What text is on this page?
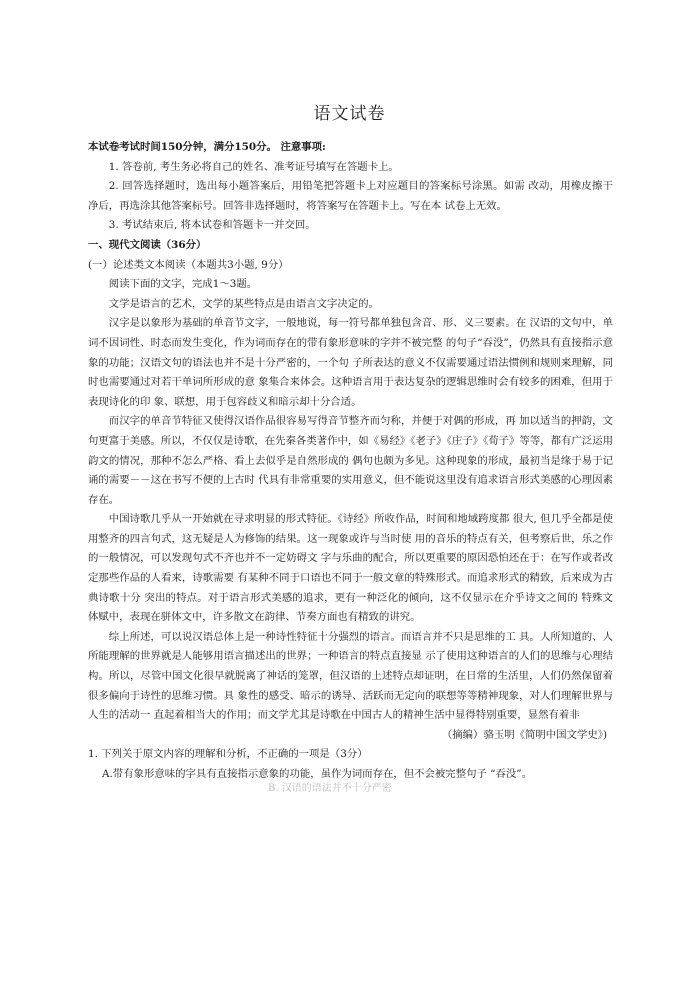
语文试卷

本试卷考试时间150分钟，满分150分。 注意事项:

1. 答卷前, 考生务必将自己的姓名、准考证号填写在答题卡上。

2. 回答选择题时，选出每小题答案后，用铅笔把答题卡上对应题目的答案标号涂黑。如需 改动，用橡皮擦干净后，再选涂其他答案标号。回答非选择题时，将答案写在答题卡上。写在本 试卷上无效。

3. 考试结束后, 将本试卷和答题卡一并交回。

一、现代文阅读（36分）

(一）论述类文本阅读（本题共3小题, 9分）

阅读下面的文字，完成1～3题。

文学是语言的艺术，文学的某些特点是由语言文字决定的。

汉字是以象形为基础的单音节文字，一般地说，每一符号都单独包含音、形、义三要素。在 汉语的文句中，单词不因词性、时态而发生变化，作为词而存在的带有象形意味的字并不被完整 的句子“吞没”，仍然具有直接指示意象的功能；汉语文句的语法也并不是十分严密的，一个句 子所表达的意义不仅需要通过语法惯例和规则来理解，同时也需要通过对若干单词所形成的意 象集合来体会。这种语言用于表达复杂的逻辑思维时会有较多的困难，但用于表现诗化的印 象、联想，用于包容歧义和暗示却十分合适。

而汉字的单音节特征又使得汉语作品很容易写得音节整齐而匀称，并便于对偶的形成，再 加以适当的押韵，文句更富于美感。所以，不仅仅是诗歌，在先秦各类著作中，如《易经》《老子》《庄子》《荀子》等等，都有广泛运用韵文的情况，那种不怎么严格、看上去似乎是自然形成的 偶句也颇为多见。这种现象的形成，最初当是缘于易于记诵的需要－－这在书写不便的上古时 代具有非常重要的实用意义，但不能说这里没有追求语言形式美感的心理因素存在。

中国诗歌几乎从一开始就在寻求明显的形式特征。《诗经》所收作品，时间和地域跨度都 很大, 但几乎全都是使用整齐的四言句式，这无疑是人为修饰的结果。这一现象或许与当时使 用的音乐的特点有关，但考察后世，乐之作的一般情况，可以发现句式不齐也并不一定妨碍文 字与乐曲的配合，所以更重要的原因恐怕还在于：在写作或者改定那些作品的人看来，诗歌需要 有某种不同于口语也不同于一般文章的特殊形式。而追求形式的精致，后来成为古典诗歌十分 突出的特点。对于语言形式美感的追求，更有一种泛化的倾向，这不仅显示在介乎诗文之间的 特殊文体赋中，表现在骈体文中，许多散文在韵律、节奏方面也有精致的讲究。

综上所述，可以说汉语总体上是一种诗性特征十分强烈的语言。而语言并不只是思维的工 具。人所知道的、人所能理解的世界就是人能够用语言描述出的世界；一种语言的特点直接显 示了使用这种语言的人们的思维与心理结构。所以，尽管中国文化很早就脱离了神话的笼罩，但汉语的上述特点却证明，在日常的生活里，人们仍然保留着很多偏向于诗性的思维习惯。具 象性的感受、暗示的诱导、活跃而无定向的联想等等精神现象，对人们理解世界与人生的活动一 直起着相当大的作用；而文学尤其是诗歌在中国古人的精神生活中显得特别重要，显然有着非

（摘编）骆玉明《简明中国文学史》)

1. 下列关于原文内容的理解和分析，不正确的一项是（3分）

A.带有象形意味的字具有直接指示意象的功能，虽作为词而存在，但不会被完整句子 “吞没”。

B. 汉语的语法并不十分严密
